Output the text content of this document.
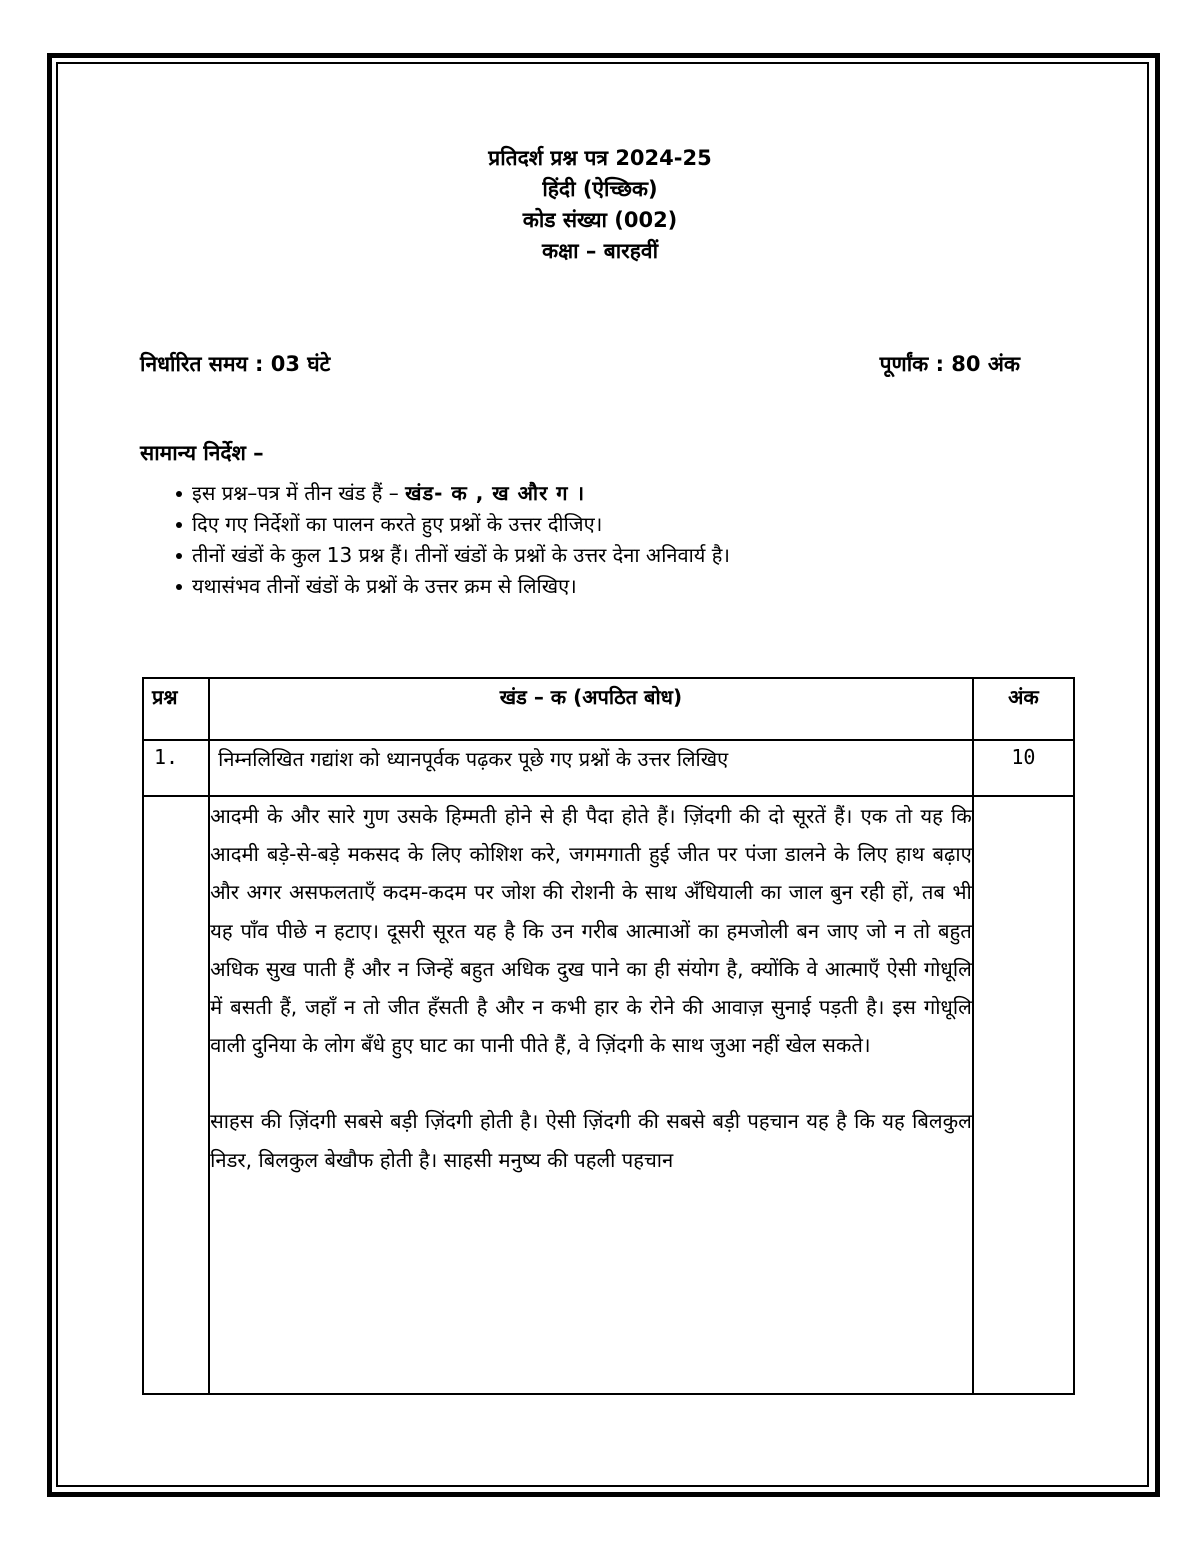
प्रतिदर्श प्रश्न पत्र 2024-25
हिंदी (ऐच्छिक)
कोड संख्या (002)
कक्षा – बारहवीं
निर्धारित समय : 03 घंटे	पूर्णांक : 80 अंक
सामान्य निर्देश –
इस प्रश्न–पत्र में तीन खंड हैं – खंड- क , ख और ग ।
दिए गए निर्देशों का पालन करते हुए प्रश्नों के उत्तर दीजिए।
तीनों खंडों के कुल 13 प्रश्न हैं। तीनों खंडों के प्रश्नों के उत्तर देना अनिवार्य है।
यथासंभव तीनों खंडों के प्रश्नों के उत्तर क्रम से लिखिए।
प्रश्न	खंड – क (अपठित बोध)	अंक
1.	निम्नलिखित गद्यांश को ध्यानपूर्वक पढ़कर पूछे गए प्रश्नों के उत्तर लिखिए	10

	आदमी के और सारे गुण उसके हिम्मती होने से ही पैदा होते हैं। ज़िंदगी की दो सूरतें हैं। एक तो यह कि आदमी बड़े-से-बड़े मकसद के लिए कोशिश करे, जगमगाती हुई जीत पर पंजा डालने के लिए हाथ बढ़ाए और अगर असफलताएँ कदम-कदम पर जोश की रोशनी के साथ अँधियाली का जाल बुन रही हों, तब भी यह पाँव पीछे न हटाए। दूसरी सूरत यह है कि उन गरीब आत्माओं का हमजोली बन जाए जो न तो बहुत अधिक सुख पाती हैं और न जिन्हें बहुत अधिक दुख पाने का ही संयोग है, क्योंकि वे आत्माएँ ऐसी गोधूलि में बसती हैं, जहाँ न तो जीत हँसती है और न कभी हार के रोने की आवाज़ सुनाई पड़ती है। इस गोधूलि वाली दुनिया के लोग बँधे हुए घाट का पानी पीते हैं, वे ज़िंदगी के साथ जुआ नहीं खेल सकते।

साहस की ज़िंदगी सबसे बड़ी ज़िंदगी होती है। ऐसी ज़िंदगी की सबसे बड़ी पहचान यह है कि यह बिलकुल निडर, बिलकुल बेखौफ होती है। साहसी मनुष्य की पहली पहचान	
